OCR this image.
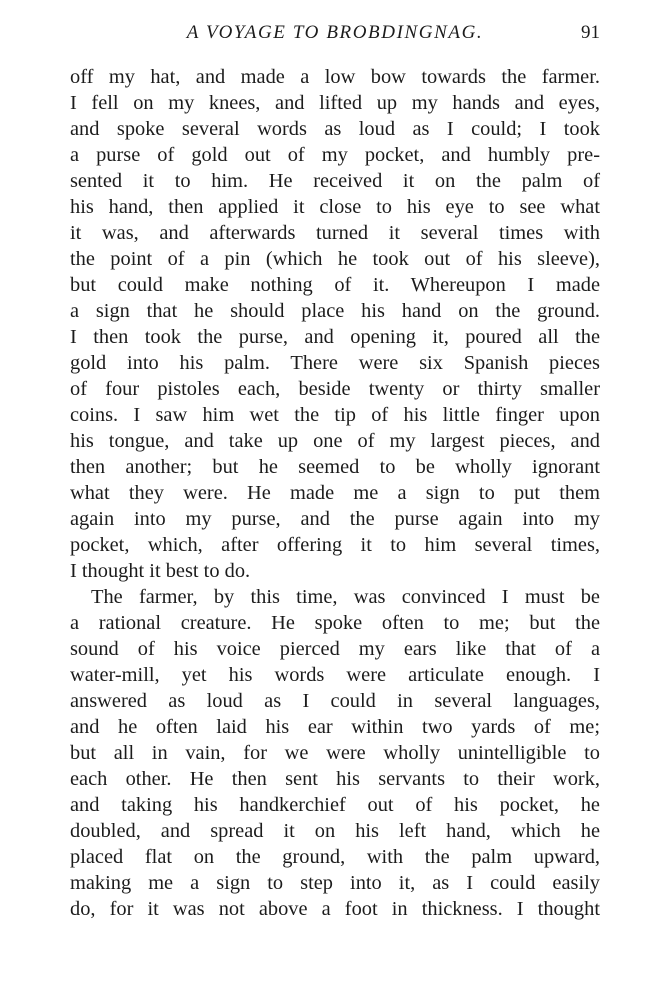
A VOYAGE TO BROBDINGNAG.	91
off my hat, and made a low bow towards the farmer.
I fell on my knees, and lifted up my hands and eyes,
and spoke several words as loud as I could; I took
a purse of gold out of my pocket, and humbly pre-
sented it to him. He received it on the palm of
his hand, then applied it close to his eye to see what
it was, and afterwards turned it several times with
the point of a pin (which he took out of his sleeve),
but could make nothing of it. Whereupon I made
a sign that he should place his hand on the ground.
I then took the purse, and opening it, poured all the
gold into his palm. There were six Spanish pieces
of four pistoles each, beside twenty or thirty smaller
coins. I saw him wet the tip of his little finger upon
his tongue, and take up one of my largest pieces, and
then another; but he seemed to be wholly ignorant
what they were. He made me a sign to put them
again into my purse, and the purse again into my
pocket, which, after offering it to him several times,
I thought it best to do.
The farmer, by this time, was convinced I must be
a rational creature. He spoke often to me; but the
sound of his voice pierced my ears like that of a
water-mill, yet his words were articulate enough. I
answered as loud as I could in several languages,
and he often laid his ear within two yards of me;
but all in vain, for we were wholly unintelligible to
each other. He then sent his servants to their work,
and taking his handkerchief out of his pocket, he
doubled, and spread it on his left hand, which he
placed flat on the ground, with the palm upward,
making me a sign to step into it, as I could easily
do, for it was not above a foot in thickness. I thought
